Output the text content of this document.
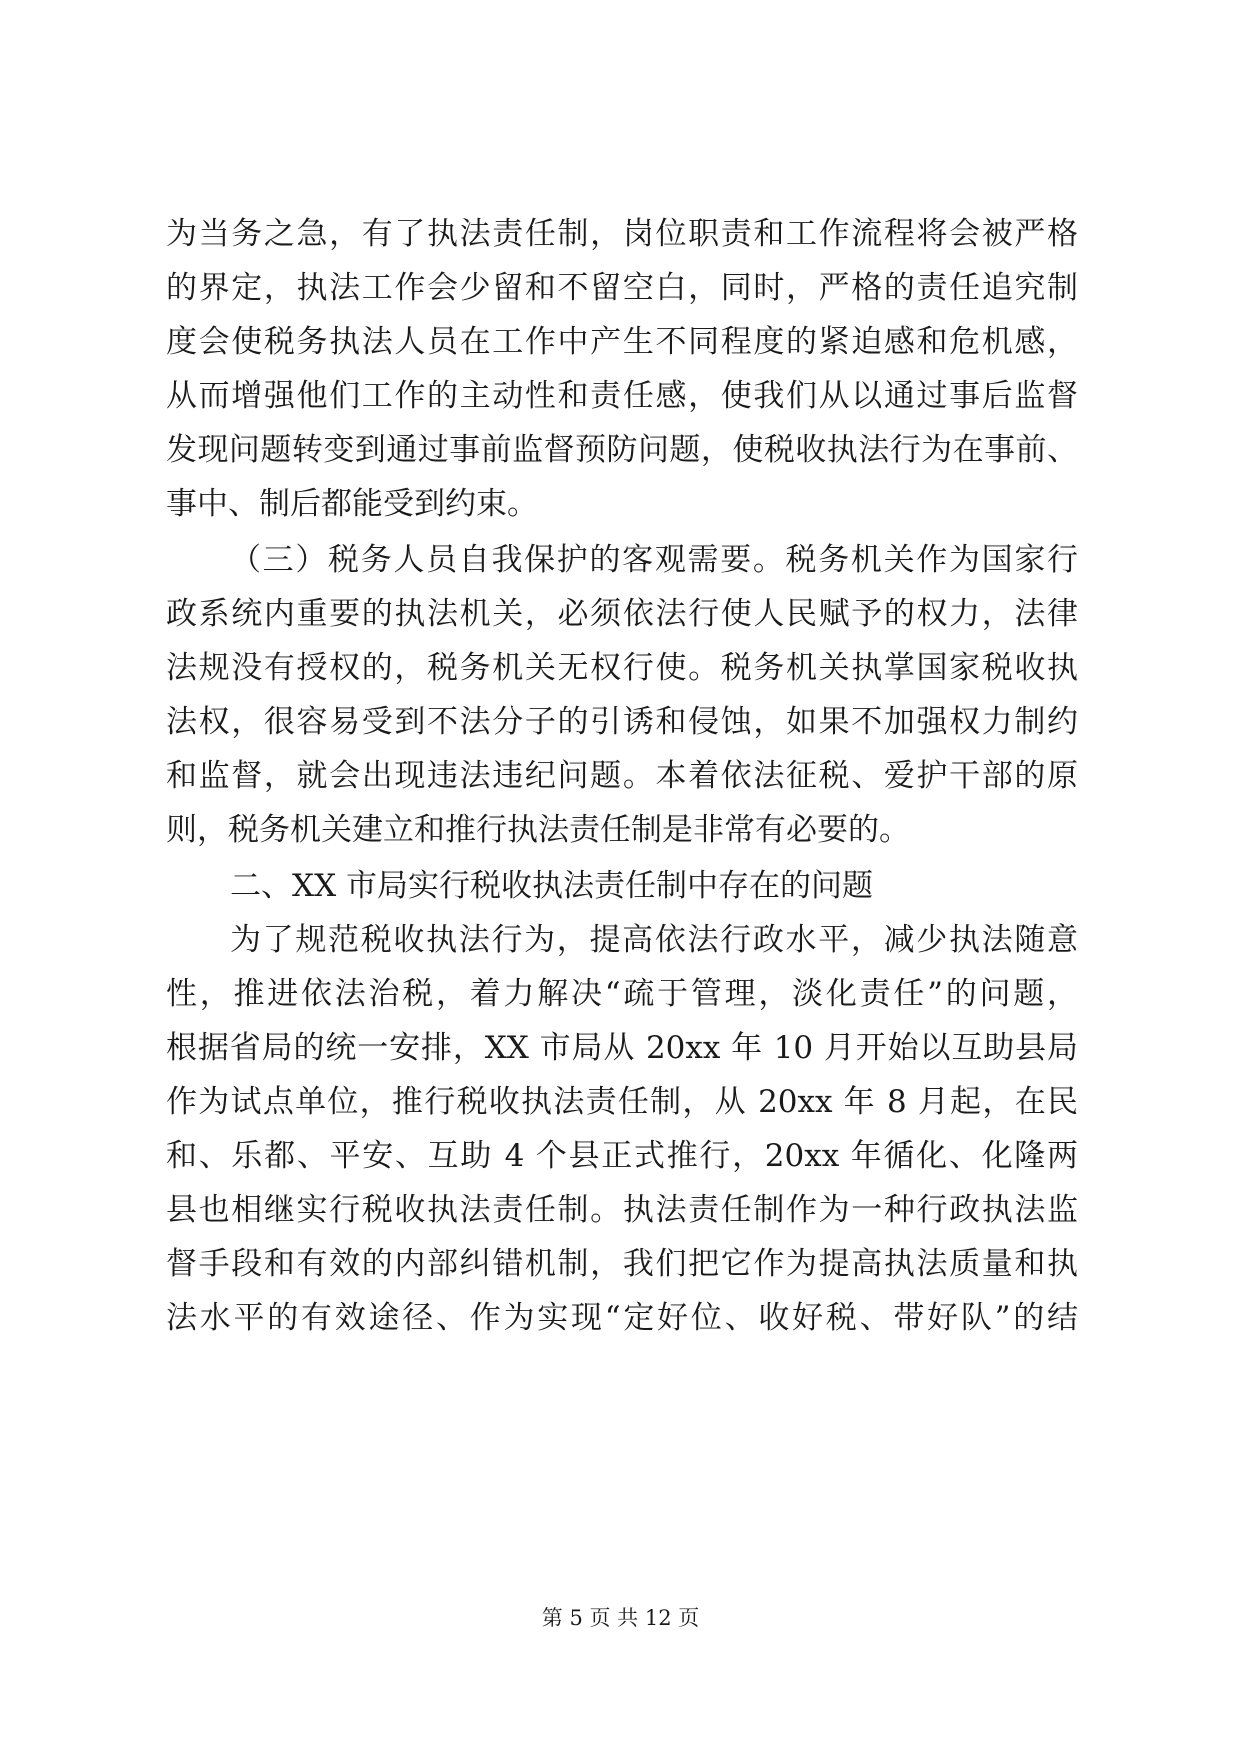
为当务之急，有了执法责任制，岗位职责和工作流程将会被严格
的界定，执法工作会少留和不留空白，同时，严格的责任追究制
度会使税务执法人员在工作中产生不同程度的紧迫感和危机感，
从而增强他们工作的主动性和责任感，使我们从以通过事后监督
发现问题转变到通过事前监督预防问题，使税收执法行为在事前、
事中、制后都能受到约束。
（三）税务人员自我保护的客观需要。税务机关作为国家行
政系统内重要的执法机关，必须依法行使人民赋予的权力，法律
法规没有授权的，税务机关无权行使。税务机关执掌国家税收执
法权，很容易受到不法分子的引诱和侵蚀，如果不加强权力制约
和监督，就会出现违法违纪问题。本着依法征税、爱护干部的原
则，税务机关建立和推行执法责任制是非常有必要的。
二、XX 市局实行税收执法责任制中存在的问题
为了规范税收执法行为，提高依法行政水平，减少执法随意
性，推进依法治税，着力解决“疏于管理，淡化责任”的问题，
根据省局的统一安排，XX 市局从 20xx 年 10 月开始以互助县局
作为试点单位，推行税收执法责任制，从 20xx 年 8 月起，在民
和、乐都、平安、互助 4 个县正式推行，20xx 年循化、化隆两
县也相继实行税收执法责任制。执法责任制作为一种行政执法监
督手段和有效的内部纠错机制，我们把它作为提高执法质量和执
法水平的有效途径、作为实现“定好位、收好税、带好队”的结
第 5 页 共 12 页
